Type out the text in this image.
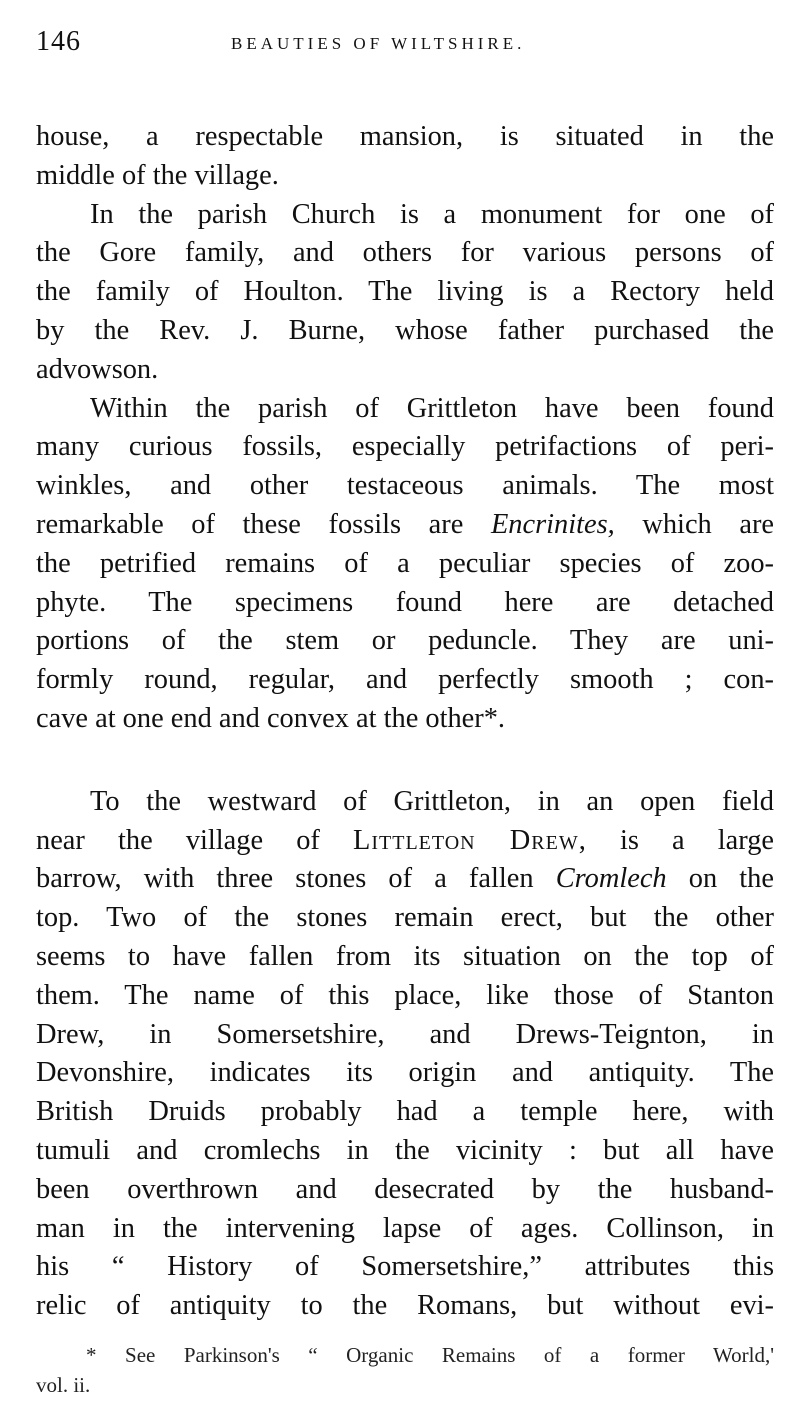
146	BEAUTIES OF WILTSHIRE.

house, a respectable mansion, is situated in the
middle of the village.

In the parish Church is a monument for one of
the Gore family, and others for various persons of
the family of Houlton. The living is a Rectory held
by the Rev. J. Burne, whose father purchased the
advowson.

Within the parish of Grittleton have been found
many curious fossils, especially petrifactions of peri-
winkles, and other testaceous animals. The most
remarkable of these fossils are Encrinites, which are
the petrified remains of a peculiar species of zoo-
phyte. The specimens found here are detached
portions of the stem or peduncle. They are uni-
formly round, regular, and perfectly smooth ; con-
cave at one end and convex at the other*.

To the westward of Grittleton, in an open field
near the village of Littleton Drew, is a large
barrow, with three stones of a fallen Cromlech on the
top. Two of the stones remain erect, but the other
seems to have fallen from its situation on the top of
them. The name of this place, like those of Stanton
Drew, in Somersetshire, and Drews-Teignton, in
Devonshire, indicates its origin and antiquity. The
British Druids probably had a temple here, with
tumuli and cromlechs in the vicinity : but all have
been overthrown and desecrated by the husband-
man in the intervening lapse of ages. Collinson, in
his “ History of Somersetshire,” attributes this
relic of antiquity to the Romans, but without evi-

* See Parkinson's “ Organic Remains of a former World,'
vol. ii.
